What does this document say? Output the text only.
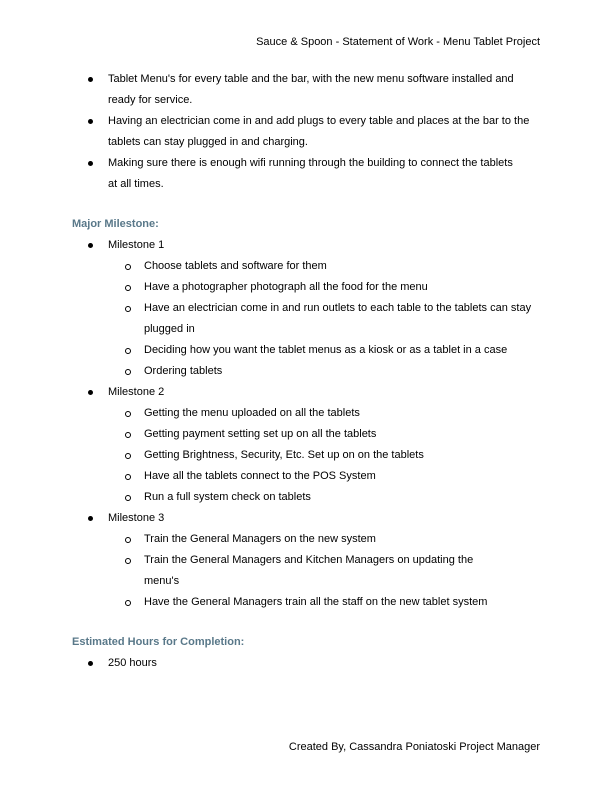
Sauce & Spoon - Statement of Work - Menu Tablet Project
Tablet Menu's for every table and the bar, with the new menu software installed and ready for service.
Having an electrician come in and add plugs to every table and places at the bar to the tablets can stay plugged in and charging.
Making sure there is enough wifi running through the building to connect the tablets at all times.
Major Milestone:
Milestone 1
Choose tablets and software for them
Have a photographer photograph all the food for the menu
Have an electrician come in and run outlets to each table to the tablets can stay plugged in
Deciding how you want the tablet menus as a kiosk or as a tablet in a case
Ordering tablets
Milestone 2
Getting the menu uploaded on all the tablets
Getting payment setting set up on all the tablets
Getting Brightness, Security, Etc. Set up on on the tablets
Have all the tablets connect to the POS System
Run a full system check on tablets
Milestone 3
Train the General Managers on the new system
Train the General Managers and Kitchen Managers on updating the menu's
Have the General Managers train all the staff on the new tablet system
Estimated Hours for Completion:
250 hours
Created By, Cassandra Poniatoski Project Manager
